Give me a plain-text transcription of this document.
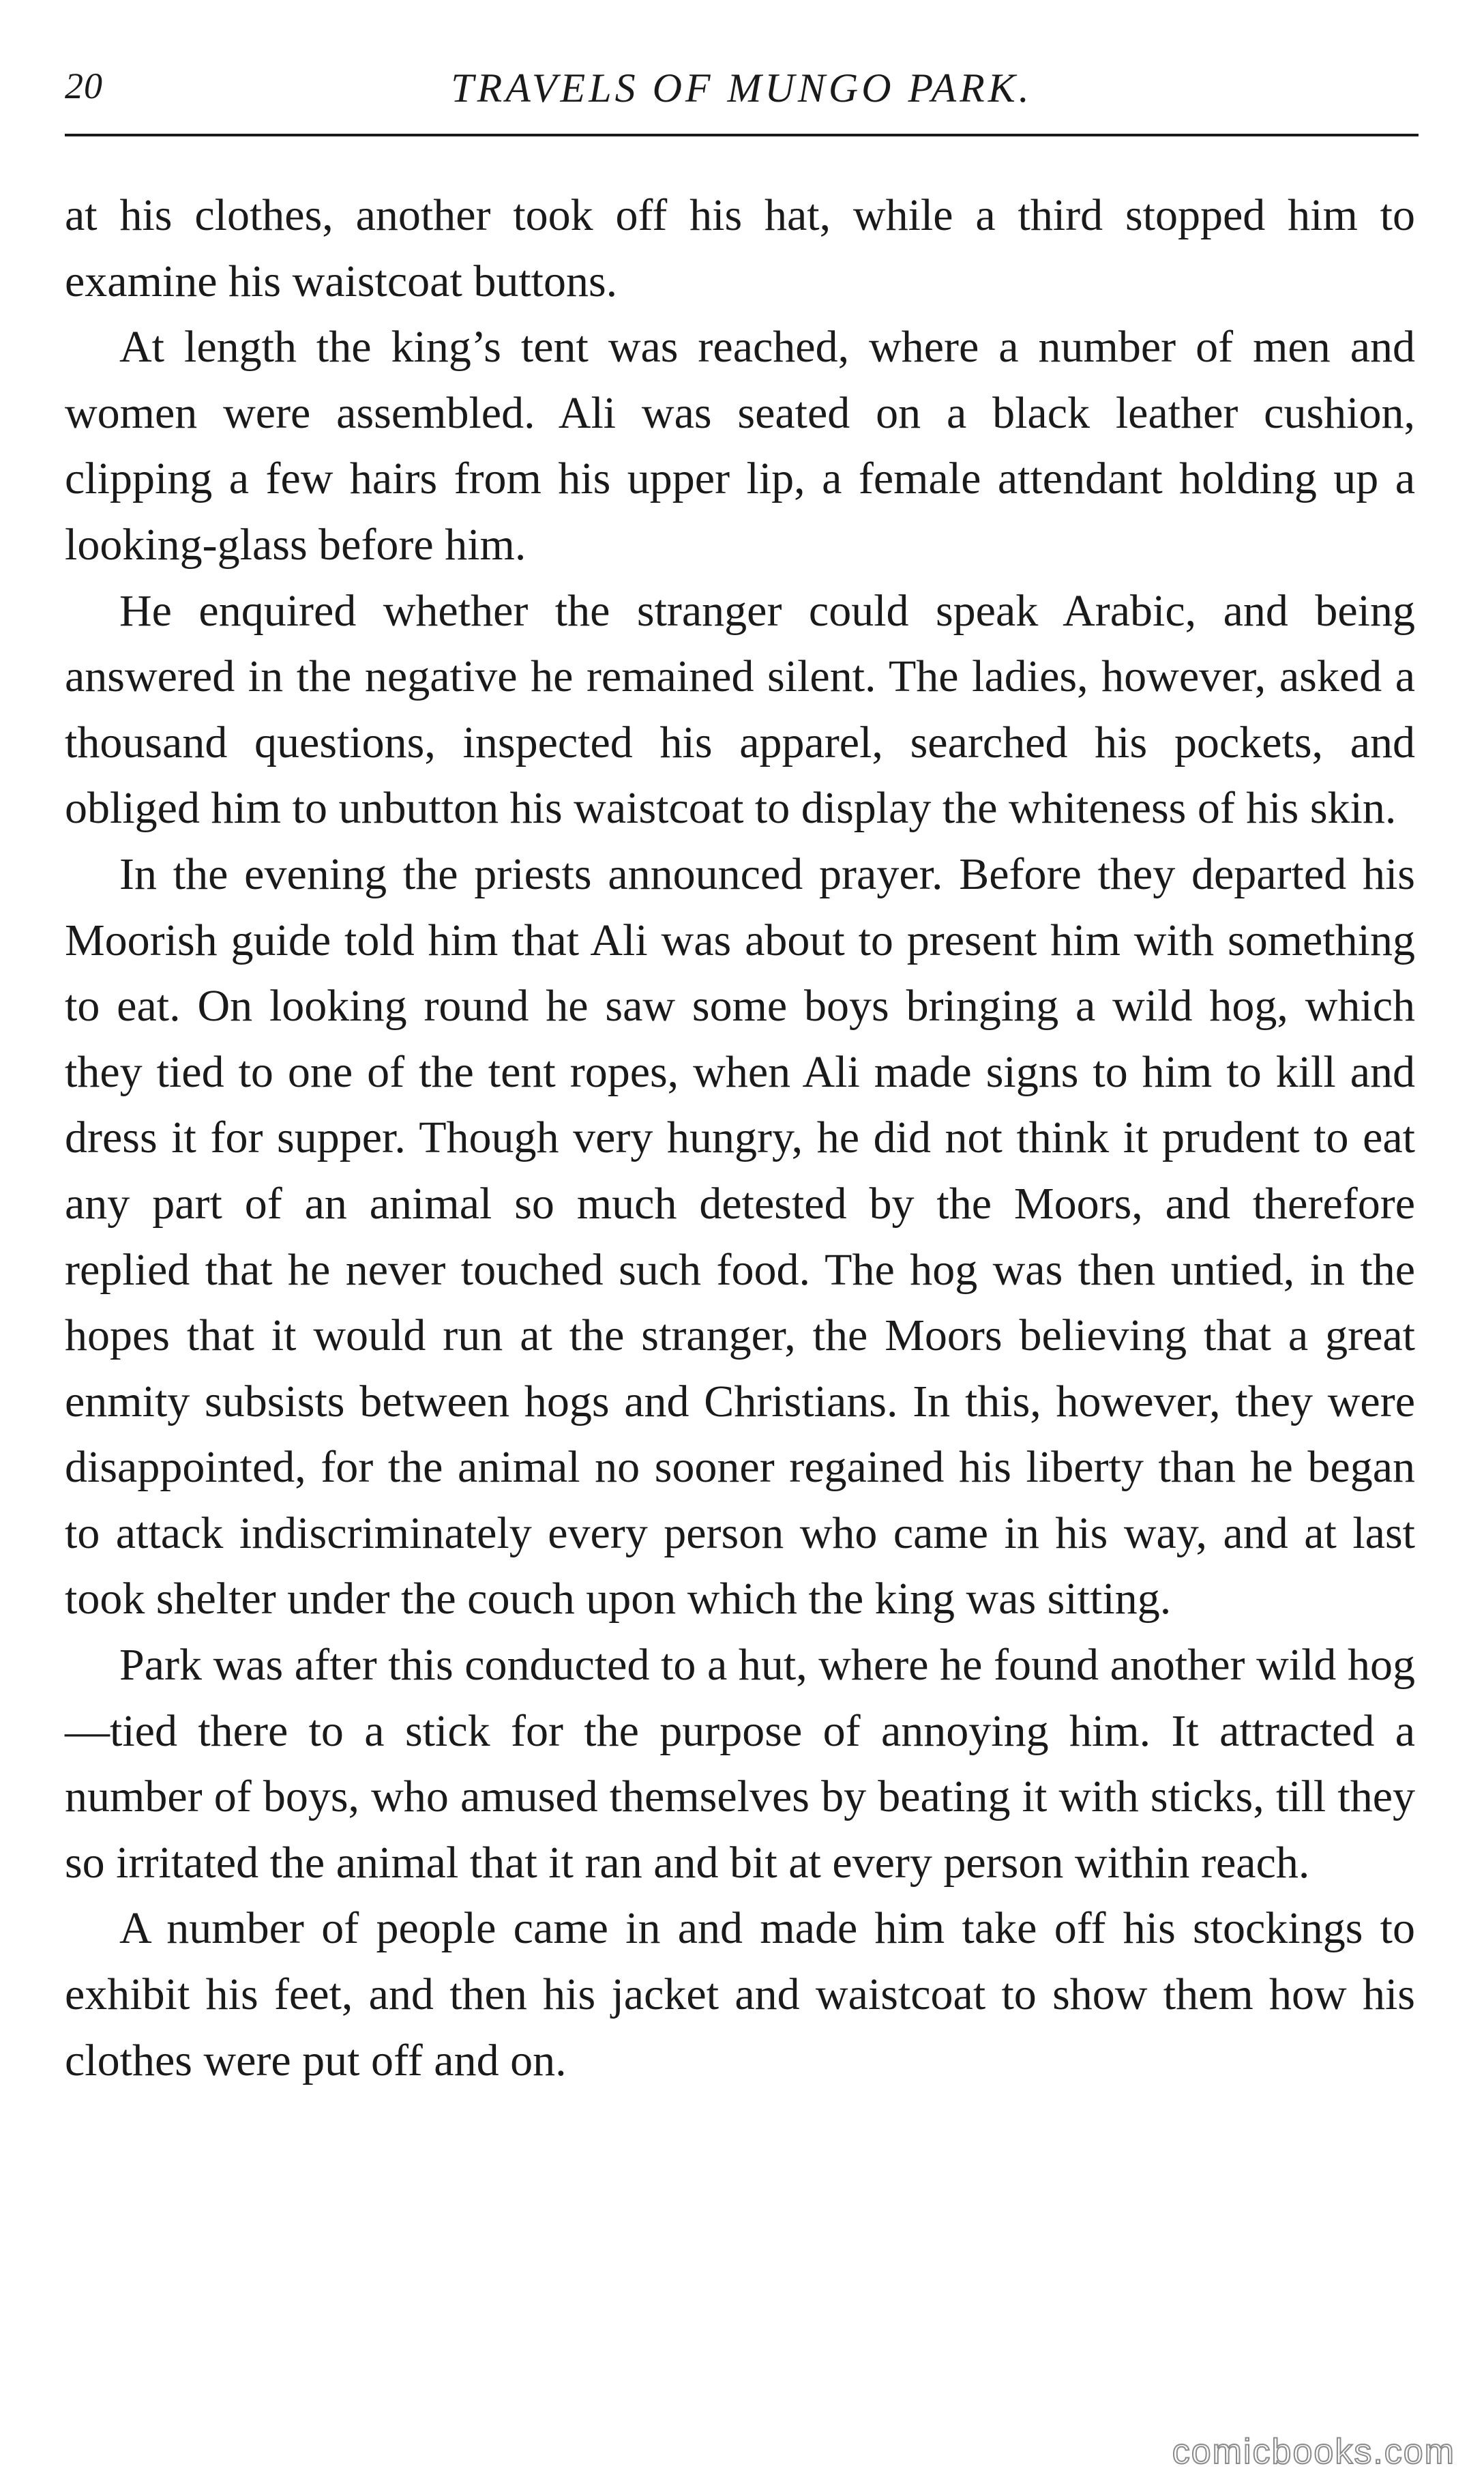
20	TRAVELS OF MUNGO PARK.

at his clothes, another took off his hat, while a third stopped him to examine his waistcoat buttons.

At length the king’s tent was reached, where a number of men and women were assembled. Ali was seated on a black leather cushion, clipping a few hairs from his upper lip, a female attendant holding up a looking-glass before him.

He enquired whether the stranger could speak Arabic, and being answered in the negative he remained silent. The ladies, however, asked a thousand questions, inspected his apparel, searched his pockets, and obliged him to unbutton his waistcoat to display the whiteness of his skin.

In the evening the priests announced prayer. Before they departed his Moorish guide told him that Ali was about to present him with something to eat. On looking round he saw some boys bringing a wild hog, which they tied to one of the tent ropes, when Ali made signs to him to kill and dress it for supper. Though very hungry, he did not think it prudent to eat any part of an animal so much detested by the Moors, and therefore replied that he never touched such food. The hog was then untied, in the hopes that it would run at the stranger, the Moors believing that a great enmity subsists between hogs and Christians. In this, however, they were disappointed, for the animal no sooner regained his liberty than he began to attack indiscriminately every person who came in his way, and at last took shelter under the couch upon which the king was sitting.

Park was after this conducted to a hut, where he found another wild hog—tied there to a stick for the purpose of annoying him. It attracted a number of boys, who amused themselves by beating it with sticks, till they so irritated the animal that it ran and bit at every person within reach.

A number of people came in and made him take off his stockings to exhibit his feet, and then his jacket and waistcoat to show them how his clothes were put off and on.

comicbooks.com
